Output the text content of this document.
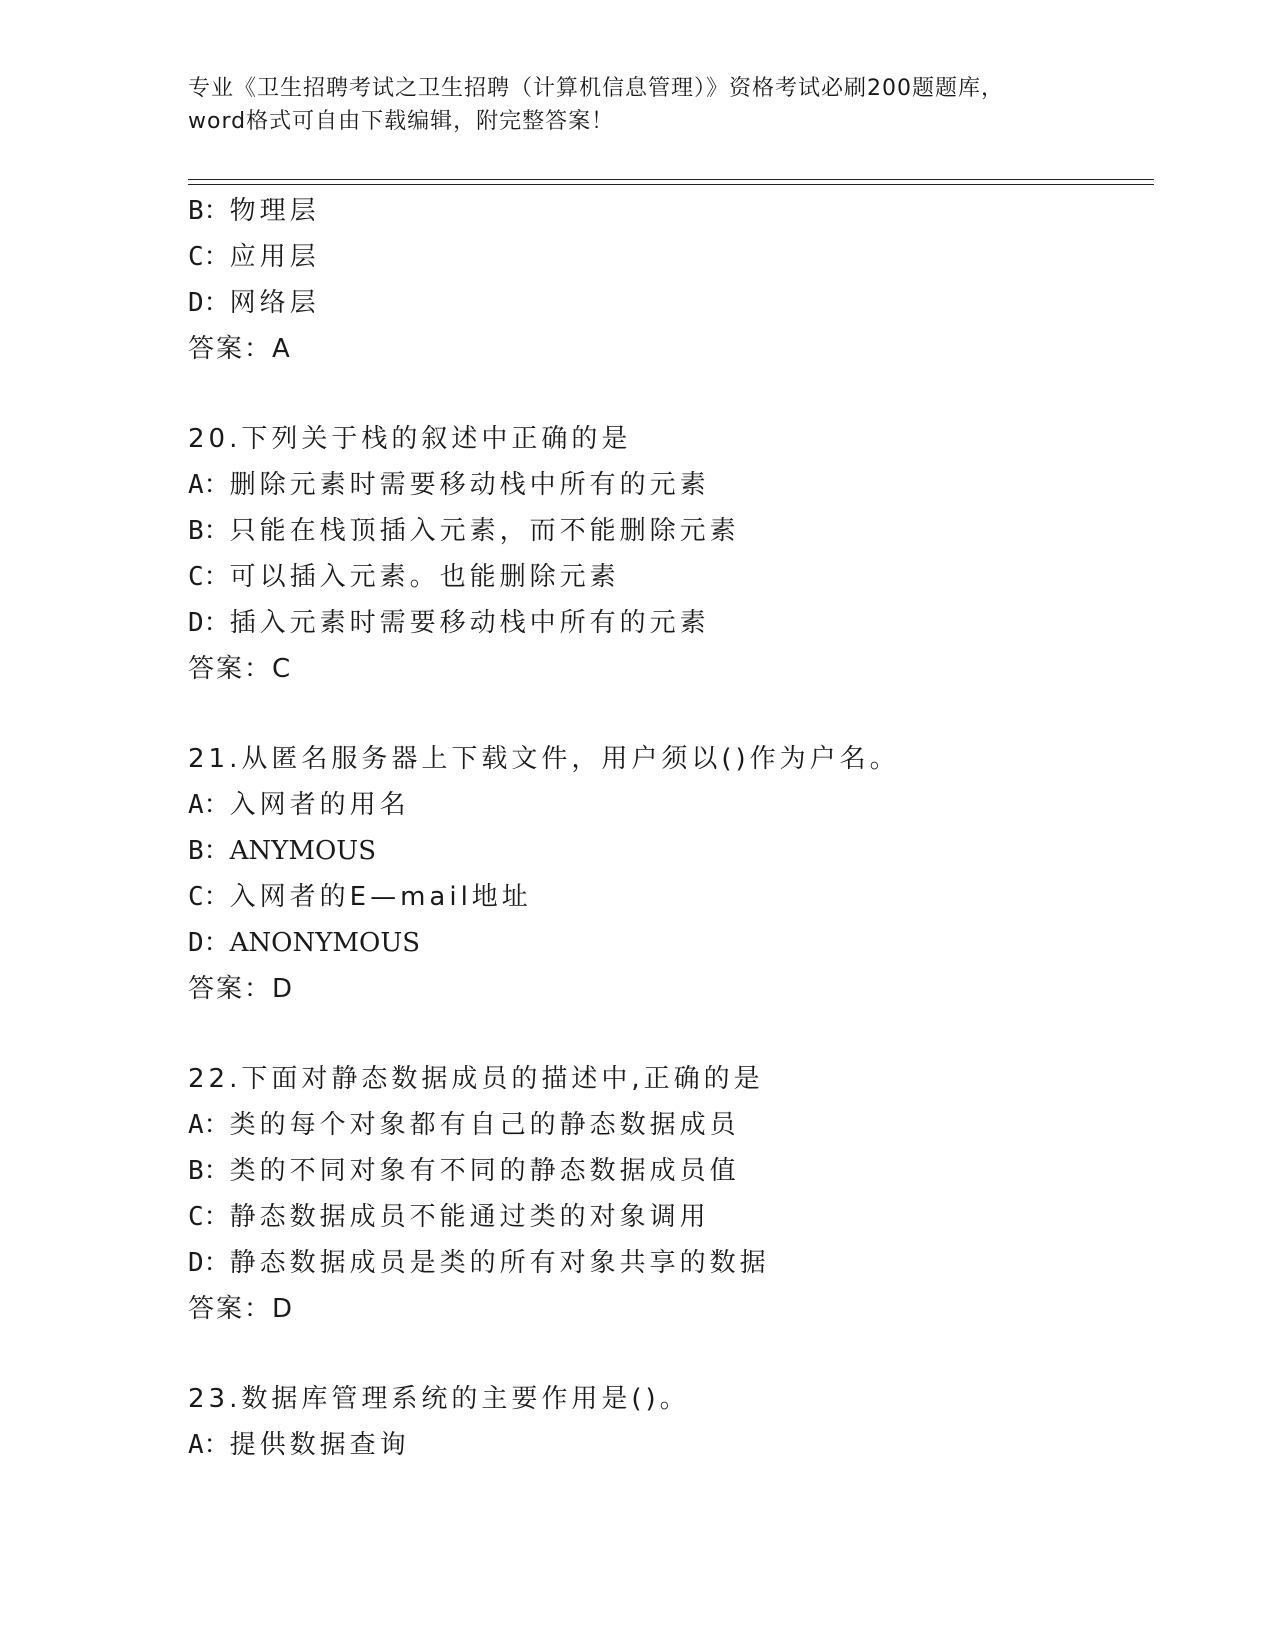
专业《卫生招聘考试之卫生招聘（计算机信息管理）》资格考试必刷200题题库，
word格式可自由下载编辑，附完整答案！
B：物理层
C：应用层
D：网络层
答案：A
20.下列关于栈的叙述中正确的是
A：删除元素时需要移动栈中所有的元素
B：只能在栈顶插入元素，而不能删除元素
C：可以插入元素。也能删除元素
D：插入元素时需要移动栈中所有的元素
答案：C
21.从匿名服务器上下载文件，用户须以()作为户名。
A：入网者的用名
B：ANYMOUS
C：入网者的E—mail地址
D：ANONYMOUS
答案：D
22.下面对静态数据成员的描述中,正确的是
A：类的每个对象都有自己的静态数据成员
B：类的不同对象有不同的静态数据成员值
C：静态数据成员不能通过类的对象调用
D：静态数据成员是类的所有对象共享的数据
答案：D
23.数据库管理系统的主要作用是()。
A：提供数据查询
